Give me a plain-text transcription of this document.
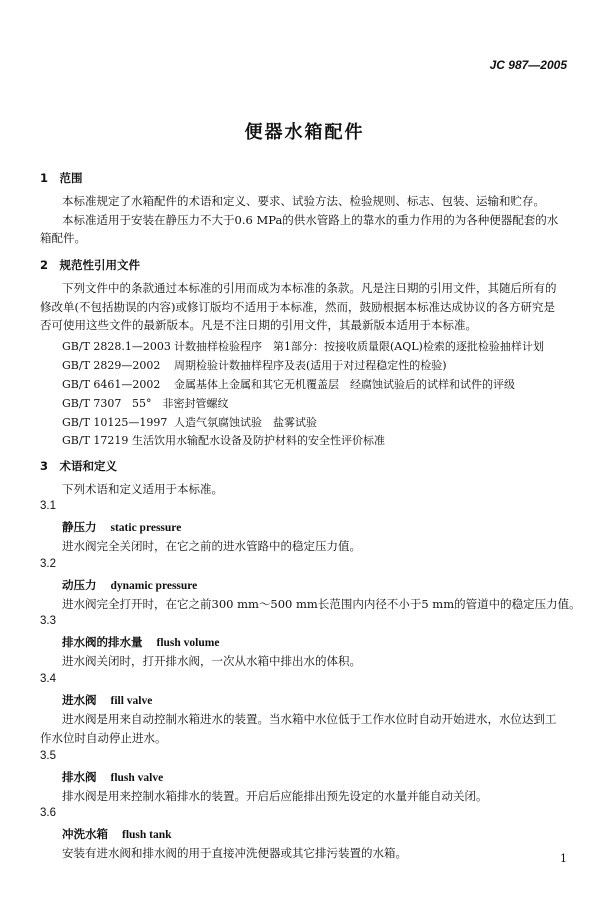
JC 987—2005
便器水箱配件
1　范围
本标准规定了水箱配件的术语和定义、要求、试验方法、检验规则、标志、包装、运输和贮存。
本标准适用于安装在静压力不大于0.6 MPa的供水管路上的靠水的重力作用的为各种便器配套的水
箱配件。
2　规范性引用文件
下列文件中的条款通过本标准的引用而成为本标准的条款。凡是注日期的引用文件，其随后所有的
修改单(不包括勘误的内容)或修订版均不适用于本标准，然而，鼓励根据本标准达成协议的各方研究是
否可使用这些文件的最新版本。凡是不注日期的引用文件，其最新版本适用于本标准。
GB/T 2828.1—2003 计数抽样检验程序　第1部分：按接收质量限(AQL)检索的逐批检验抽样计划
GB/T 2829—2002 周期检验计数抽样程序及表(适用于对过程稳定性的检验)
GB/T 6461—2002 金属基体上金属和其它无机覆盖层　经腐蚀试验后的试样和试件的评级
GB/T 7307 55°　非密封管螺纹
GB/T 10125—1997 人造气氛腐蚀试验　盐雾试验
GB/T 17219 生活饮用水输配水设备及防护材料的安全性评价标准
3　术语和定义
下列术语和定义适用于本标准。
3.1
静压力 static pressure
进水阀完全关闭时，在它之前的进水管路中的稳定压力值。
3.2
动压力 dynamic pressure
进水阀完全打开时，在它之前300 mm～500 mm长范围内内径不小于5 mm的管道中的稳定压力值。
3.3
排水阀的排水量 flush volume
进水阀关闭时，打开排水阀，一次从水箱中排出水的体积。
3.4
进水阀 fill valve
进水阀是用来自动控制水箱进水的装置。当水箱中水位低于工作水位时自动开始进水，水位达到工
作水位时自动停止进水。
3.5
排水阀 flush valve
排水阀是用来控制水箱排水的装置。开启后应能排出预先设定的水量并能自动关闭。
3.6
冲洗水箱 flush tank
安装有进水阀和排水阀的用于直接冲洗便器或其它排污装置的水箱。	1
